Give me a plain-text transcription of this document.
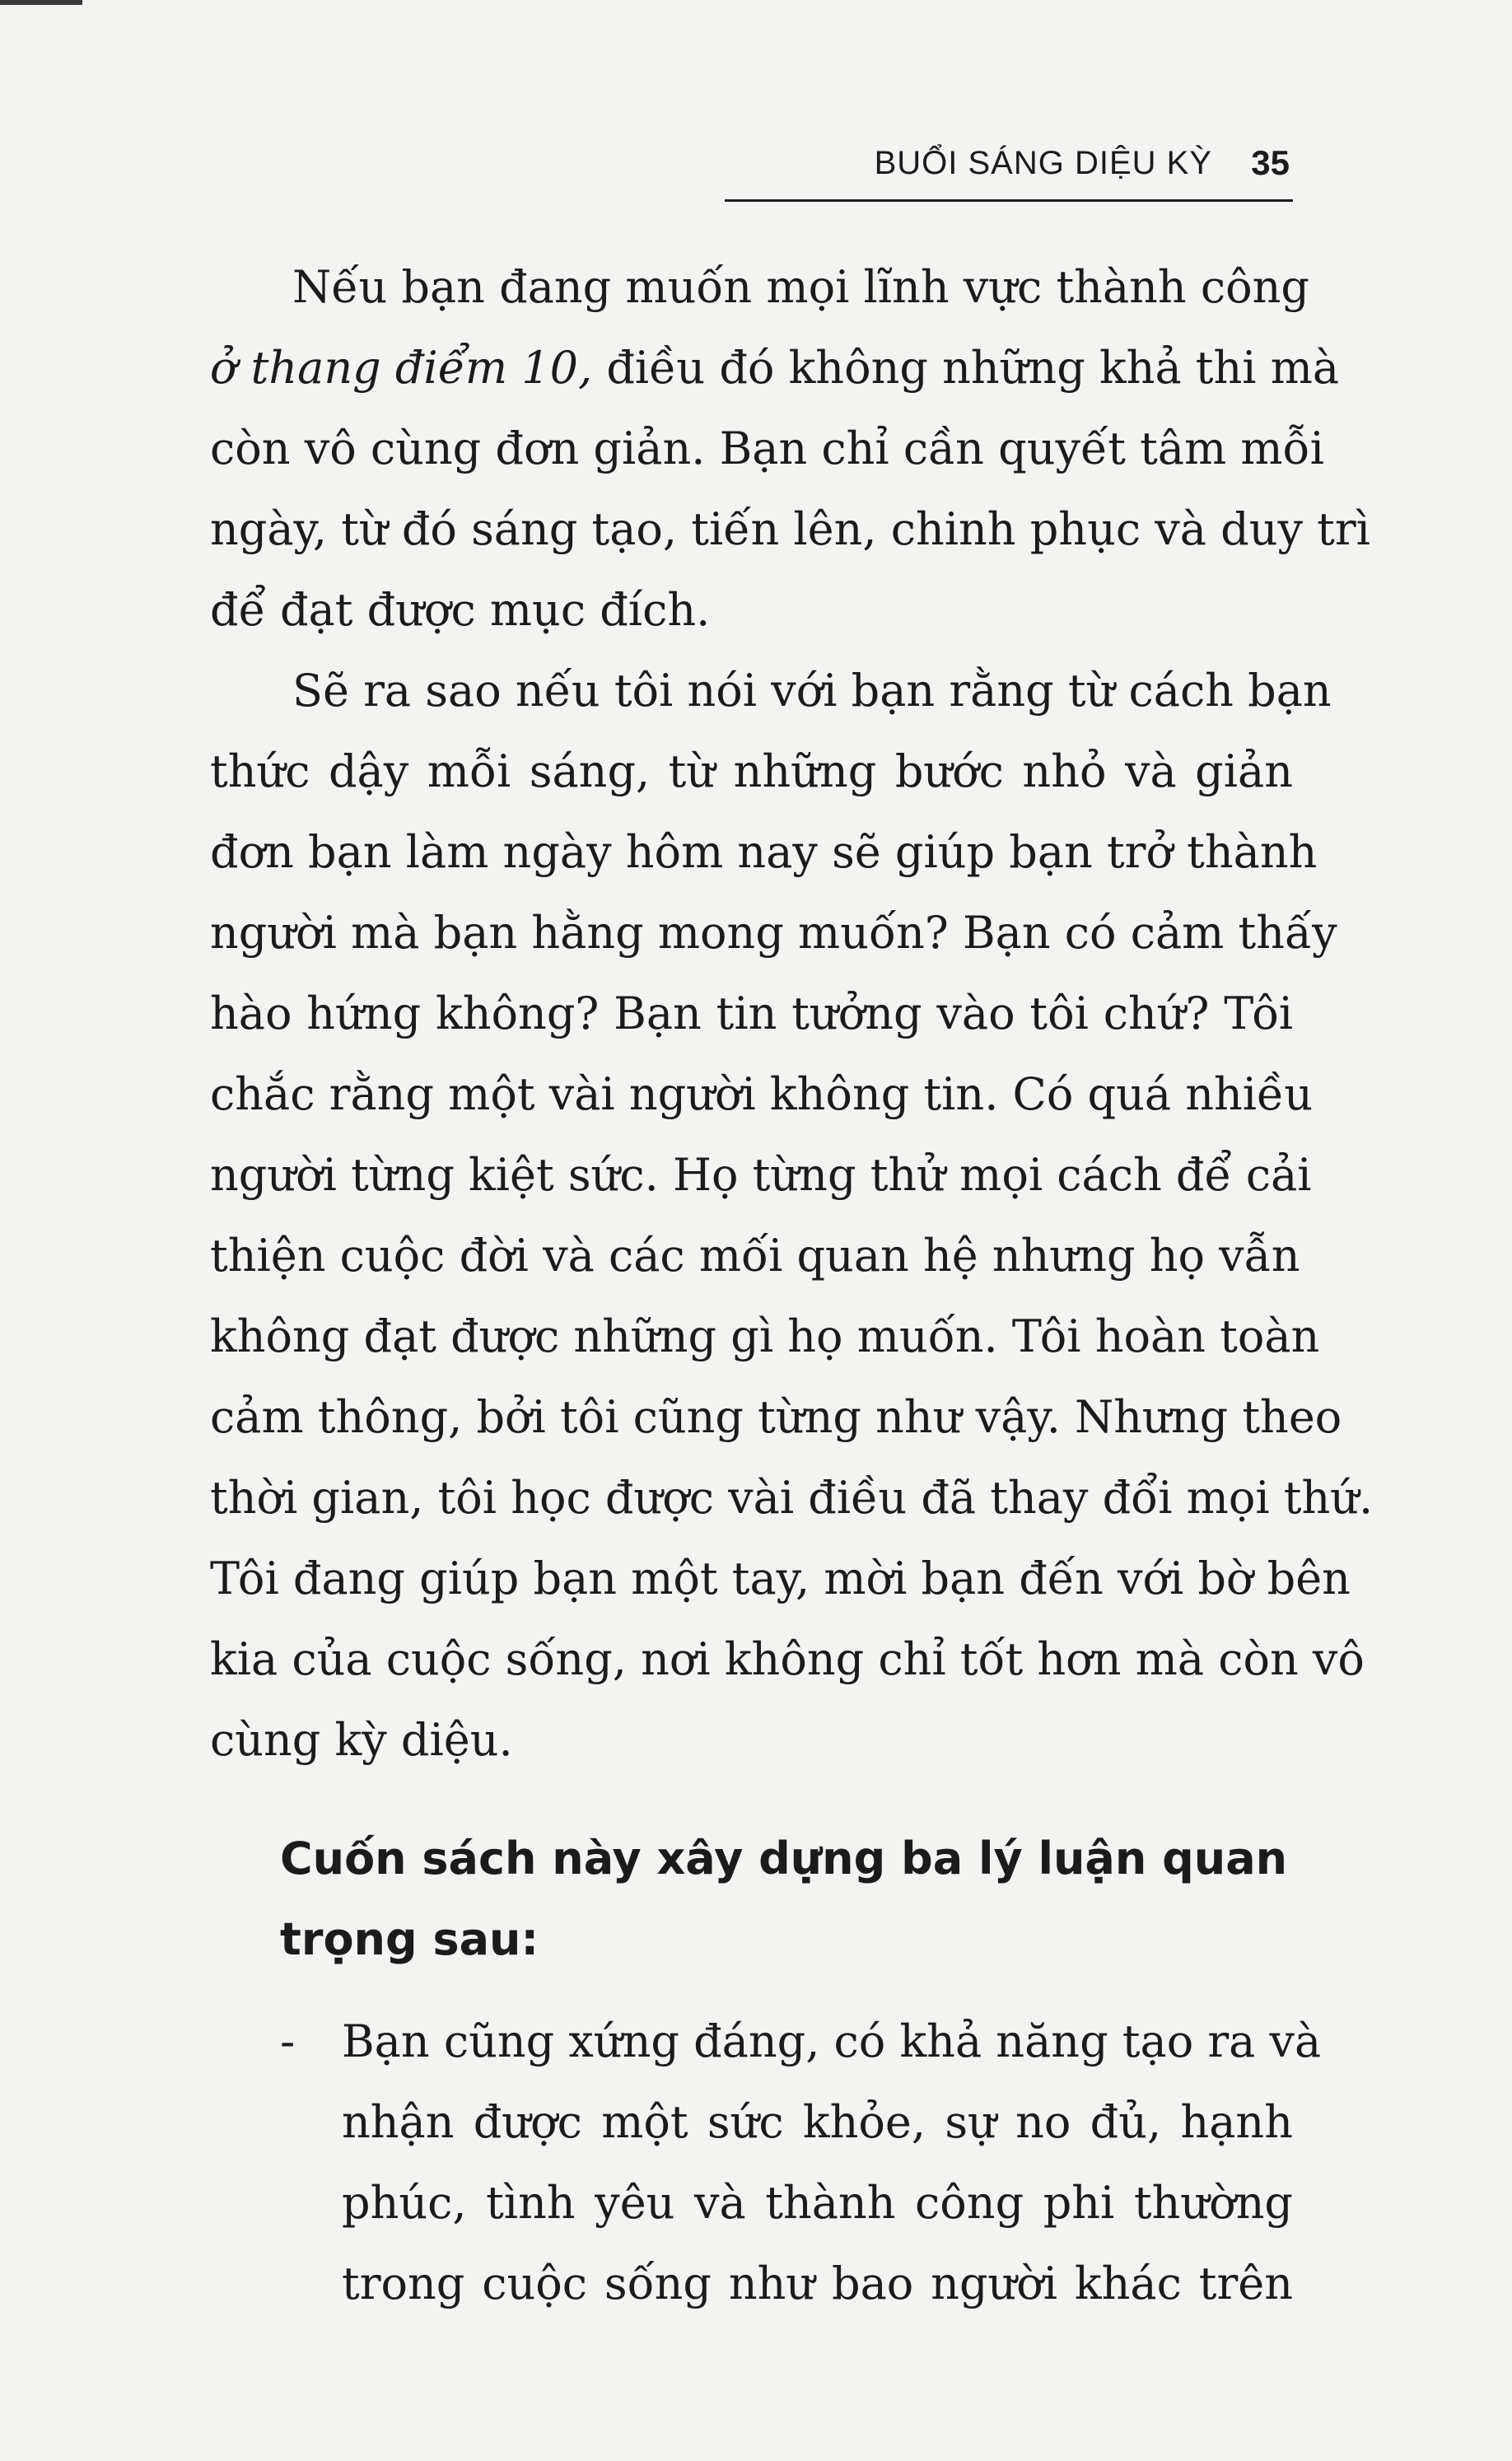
BUỔI SÁNG DIỆU KỲ 35
Nếu bạn đang muốn mọi lĩnh vực thành công
ở thang điểm 10, điều đó không những khả thi mà
còn vô cùng đơn giản. Bạn chỉ cần quyết tâm mỗi
ngày, từ đó sáng tạo, tiến lên, chinh phục và duy trì
để đạt được mục đích.
Sẽ ra sao nếu tôi nói với bạn rằng từ cách bạn
thức dậy mỗi sáng, từ những bước nhỏ và giản
đơn bạn làm ngày hôm nay sẽ giúp bạn trở thành
người mà bạn hằng mong muốn? Bạn có cảm thấy
hào hứng không? Bạn tin tưởng vào tôi chứ? Tôi
chắc rằng một vài người không tin. Có quá nhiều
người từng kiệt sức. Họ từng thử mọi cách để cải
thiện cuộc đời và các mối quan hệ nhưng họ vẫn
không đạt được những gì họ muốn. Tôi hoàn toàn
cảm thông, bởi tôi cũng từng như vậy. Nhưng theo
thời gian, tôi học được vài điều đã thay đổi mọi thứ.
Tôi đang giúp bạn một tay, mời bạn đến với bờ bên
kia của cuộc sống, nơi không chỉ tốt hơn mà còn vô
cùng kỳ diệu.
Cuốn sách này xây dựng ba lý luận quan
trọng sau:
- Bạn cũng xứng đáng, có khả năng tạo ra và
nhận được một sức khỏe, sự no đủ, hạnh
phúc, tình yêu và thành công phi thường
trong cuộc sống như bao người khác trên
